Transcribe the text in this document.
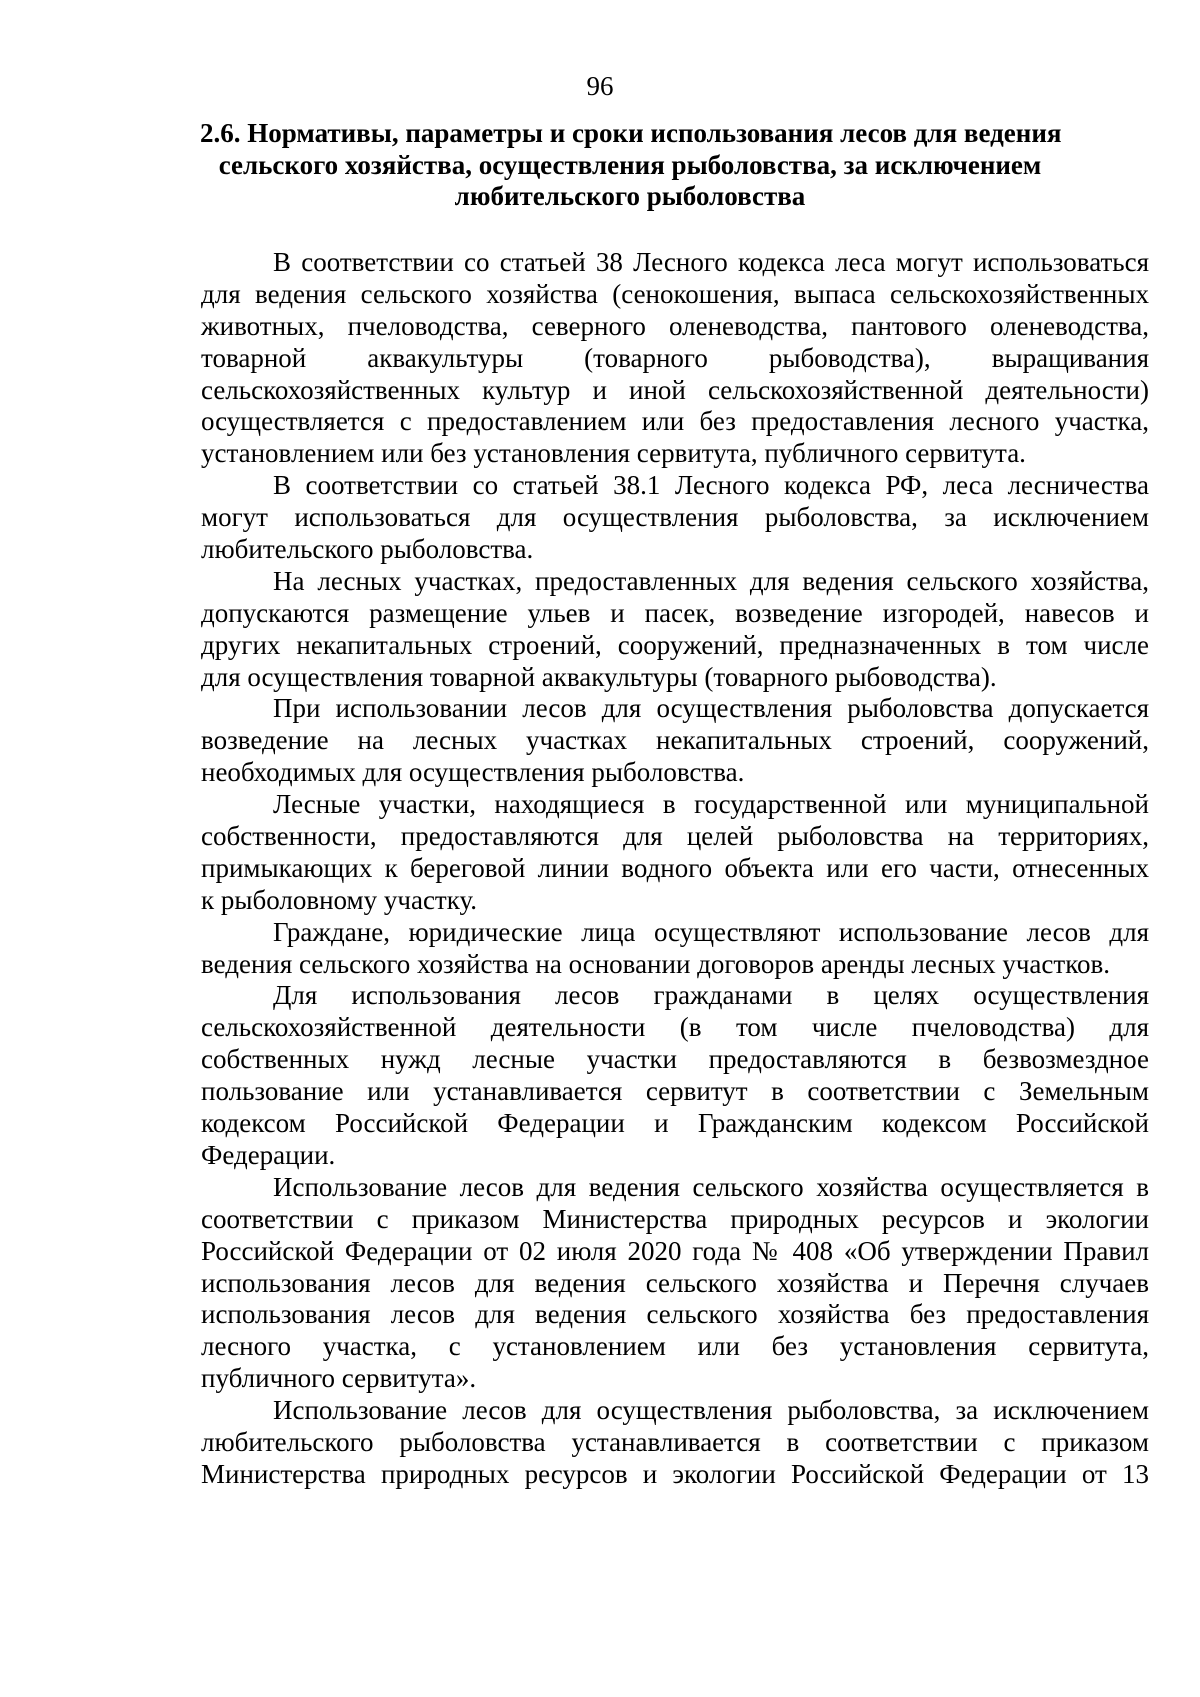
96
2.6. Нормативы, параметры и сроки использования лесов для ведения
сельского хозяйства, осуществления рыболовства, за исключением
любительского рыболовства
В соответствии со статьей 38 Лесного кодекса леса могут использоваться
для ведения сельского хозяйства (сенокошения, выпаса сельскохозяйственных
животных, пчеловодства, северного оленеводства, пантового оленеводства,
товарной аквакультуры (товарного рыбоводства), выращивания
сельскохозяйственных культур и иной сельскохозяйственной деятельности)
осуществляется с предоставлением или без предоставления лесного участка,
установлением или без установления сервитута, публичного сервитута.
В соответствии со статьей 38.1 Лесного кодекса РФ, леса лесничества
могут использоваться для осуществления рыболовства, за исключением
любительского рыболовства.
На лесных участках, предоставленных для ведения сельского хозяйства,
допускаются размещение ульев и пасек, возведение изгородей, навесов и
других некапитальных строений, сооружений, предназначенных в том числе
для осуществления товарной аквакультуры (товарного рыбоводства).
При использовании лесов для осуществления рыболовства допускается
возведение на лесных участках некапитальных строений, сооружений,
необходимых для осуществления рыболовства.
Лесные участки, находящиеся в государственной или муниципальной
собственности, предоставляются для целей рыболовства на территориях,
примыкающих к береговой линии водного объекта или его части, отнесенных
к рыболовному участку.
Граждане, юридические лица осуществляют использование лесов для
ведения сельского хозяйства на основании договоров аренды лесных участков.
Для использования лесов гражданами в целях осуществления
сельскохозяйственной деятельности (в том числе пчеловодства) для
собственных нужд лесные участки предоставляются в безвозмездное
пользование или устанавливается сервитут в соответствии с Земельным
кодексом Российской Федерации и Гражданским кодексом Российской
Федерации.
Использование лесов для ведения сельского хозяйства осуществляется в
соответствии с приказом Министерства природных ресурсов и экологии
Российской Федерации от 02 июля 2020 года № 408 «Об утверждении Правил
использования лесов для ведения сельского хозяйства и Перечня случаев
использования лесов для ведения сельского хозяйства без предоставления
лесного участка, с установлением или без установления сервитута,
публичного сервитута».
Использование лесов для осуществления рыболовства, за исключением
любительского рыболовства устанавливается в соответствии с приказом
Министерства природных ресурсов и экологии Российской Федерации от 13
